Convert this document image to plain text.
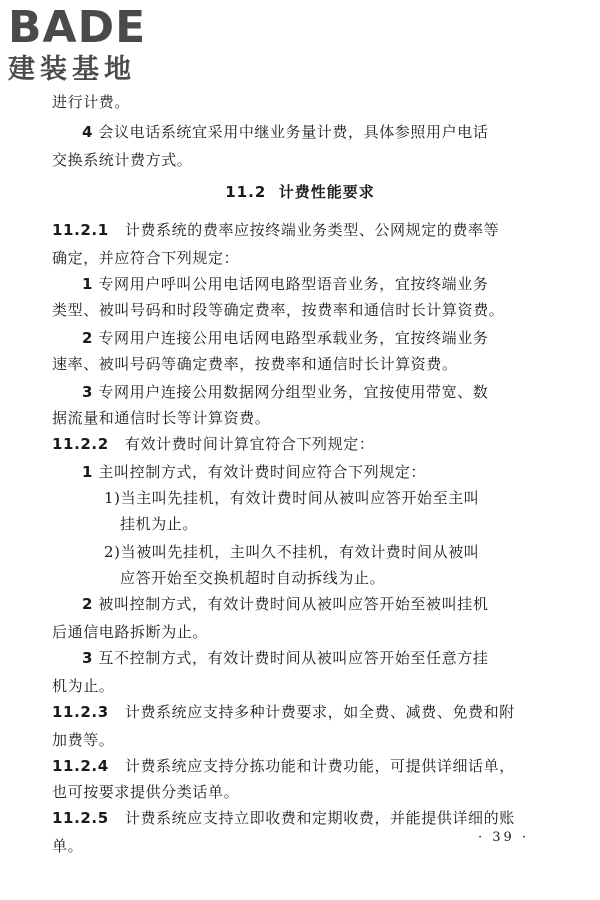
BADE
建装基地
进行计费。
4 会议电话系统宜采用中继业务量计费，具体参照用户电话
交换系统计费方式。
11.2 计费性能要求
11.2.1 计费系统的费率应按终端业务类型、公网规定的费率等
确定，并应符合下列规定：
1 专网用户呼叫公用电话网电路型语音业务，宜按终端业务
类型、被叫号码和时段等确定费率，按费率和通信时长计算资费。
2 专网用户连接公用电话网电路型承载业务，宜按终端业务
速率、被叫号码等确定费率，按费率和通信时长计算资费。
3 专网用户连接公用数据网分组型业务，宜按使用带宽、数
据流量和通信时长等计算资费。
11.2.2 有效计费时间计算宜符合下列规定：
1 主叫控制方式，有效计费时间应符合下列规定：
1)当主叫先挂机，有效计费时间从被叫应答开始至主叫
挂机为止。
2)当被叫先挂机，主叫久不挂机，有效计费时间从被叫
应答开始至交换机超时自动拆线为止。
2 被叫控制方式，有效计费时间从被叫应答开始至被叫挂机
后通信电路拆断为止。
3 互不控制方式，有效计费时间从被叫应答开始至任意方挂
机为止。
11.2.3 计费系统应支持多种计费要求，如全费、减费、免费和附
加费等。
11.2.4 计费系统应支持分拣功能和计费功能，可提供详细话单，
也可按要求提供分类话单。
11.2.5 计费系统应支持立即收费和定期收费，并能提供详细的账
单。	· 39 ·
